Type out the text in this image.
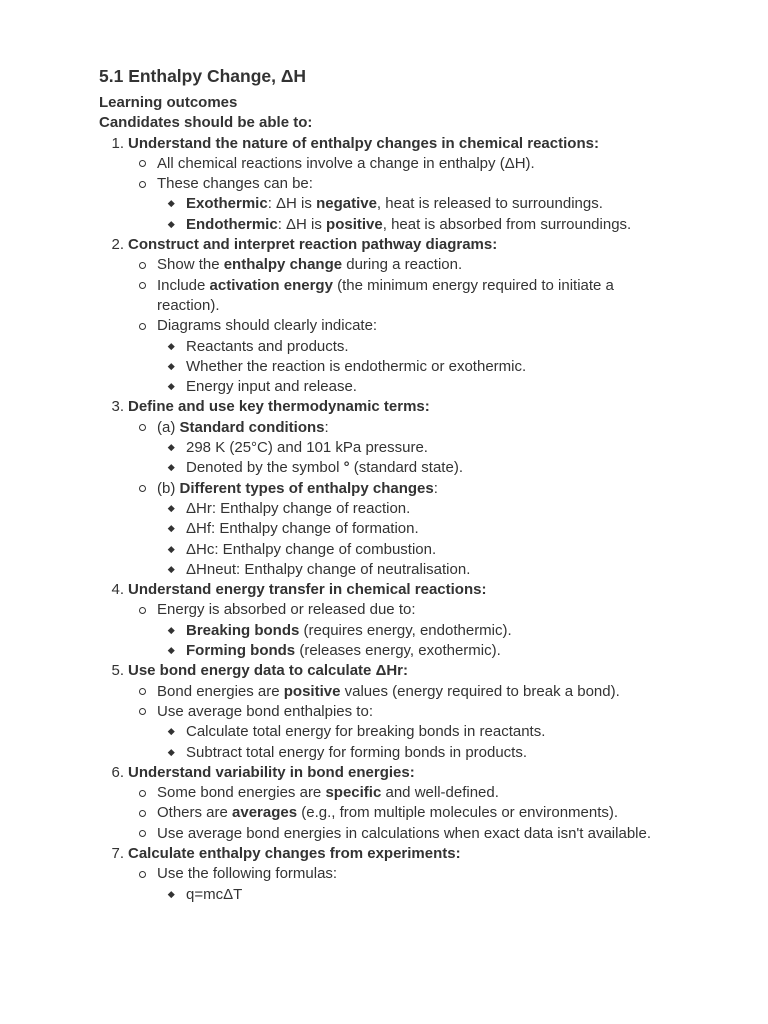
5.1 Enthalpy Change, ΔH

Learning outcomes

Candidates should be able to:

1. Understand the nature of enthalpy changes in chemical reactions:
All chemical reactions involve a change in enthalpy (ΔH).
These changes can be:
Exothermic: ΔH is negative, heat is released to surroundings.
Endothermic: ΔH is positive, heat is absorbed from surroundings.
2. Construct and interpret reaction pathway diagrams:
Show the enthalpy change during a reaction.
Include activation energy (the minimum energy required to initiate a reaction).
Diagrams should clearly indicate:
Reactants and products.
Whether the reaction is endothermic or exothermic.
Energy input and release.
3. Define and use key thermodynamic terms:
(a) Standard conditions:
298 K (25°C) and 101 kPa pressure.
Denoted by the symbol ° (standard state).
(b) Different types of enthalpy changes:
ΔHr: Enthalpy change of reaction.
ΔHf: Enthalpy change of formation.
ΔHc: Enthalpy change of combustion.
ΔHneut: Enthalpy change of neutralisation.
4. Understand energy transfer in chemical reactions:
Energy is absorbed or released due to:
Breaking bonds (requires energy, endothermic).
Forming bonds (releases energy, exothermic).
5. Use bond energy data to calculate ΔHr:
Bond energies are positive values (energy required to break a bond).
Use average bond enthalpies to:
Calculate total energy for breaking bonds in reactants.
Subtract total energy for forming bonds in products.
6. Understand variability in bond energies:
Some bond energies are specific and well-defined.
Others are averages (e.g., from multiple molecules or environments).
Use average bond energies in calculations when exact data isn't available.
7. Calculate enthalpy changes from experiments:
Use the following formulas:
q=mcΔT
